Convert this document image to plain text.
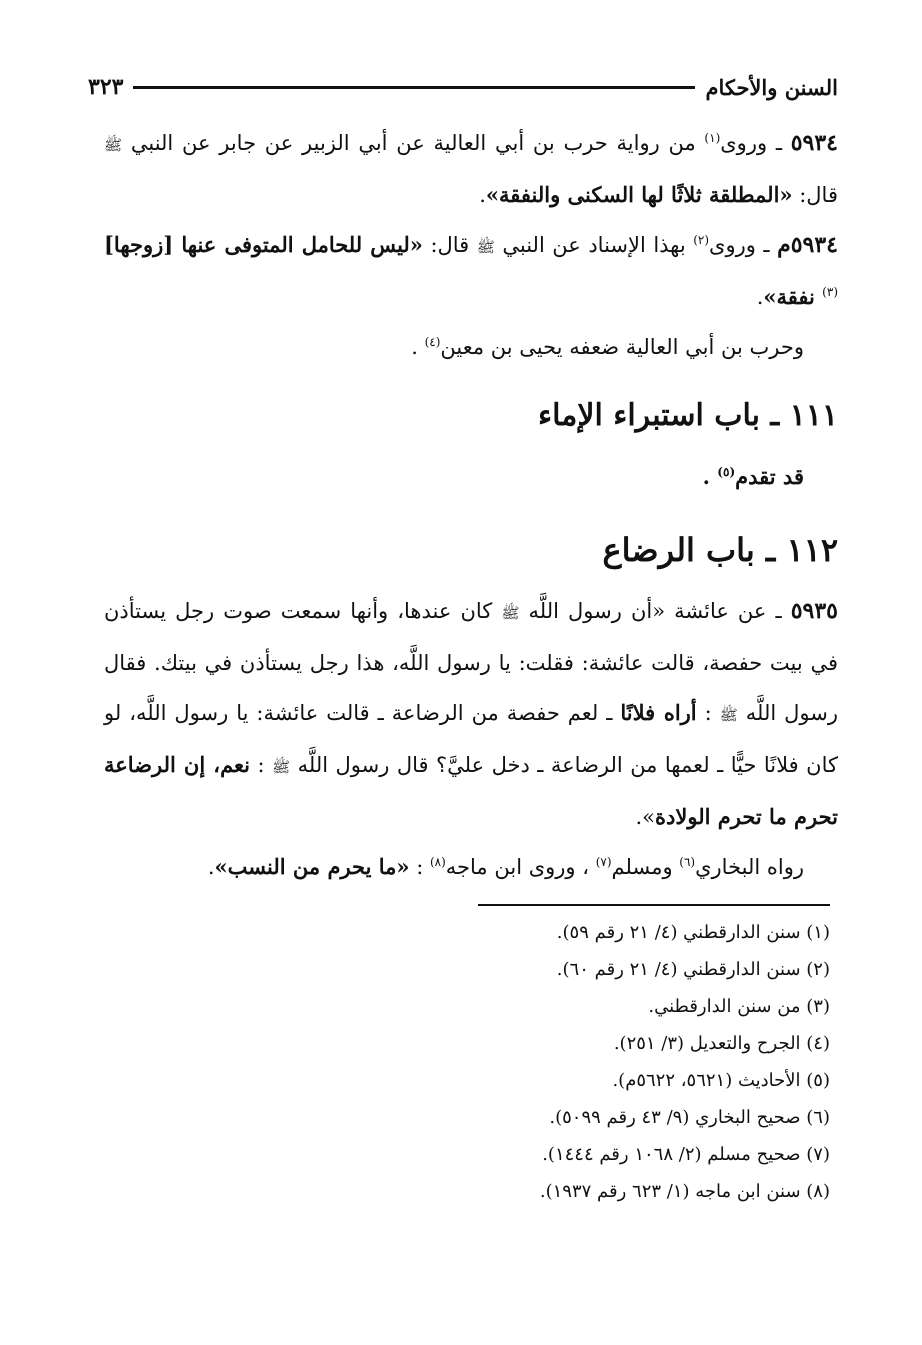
السنن والأحكام
٣٢٣

٥٩٣٤ ـ وروى$^{(١)}$ من رواية حرب بن أبي العالية عن أبي الزبير عن جابر عن النبي ﷺ قال: «المطلقة ثلاثًا لها السكنى والنفقة».

٥٩٣٤م ـ وروى$^{(٢)}$ بهذا الإسناد عن النبي ﷺ قال: «ليس للحامل المتوفى عنها [زوجها]$^{(٣)}$ نفقة».

وحرب بن أبي العالية ضعفه يحيى بن معين$^{(٤)}$ .

١١١ ـ باب استبراء الإماء

قد تقدم$^{(٥)}$ .

١١٢ ـ باب الرضاع

٥٩٣٥ ـ عن عائشة «أن رسول اللَّه ﷺ كان عندها، وأنها سمعت صوت رجل يستأذن في بيت حفصة، قالت عائشة: فقلت: يا رسول اللَّه، هذا رجل يستأذن في بيتك. فقال رسول اللَّه ﷺ : أراه فلانًا ـ لعم حفصة من الرضاعة ـ قالت عائشة: يا رسول اللَّه، لو كان فلانًا حيًّا ـ لعمها من الرضاعة ـ دخل عليَّ؟ قال رسول اللَّه ﷺ : نعم، إن الرضاعة تحرم ما تحرم الولادة».

رواه البخاري$^{(٦)}$ ومسلم$^{(٧)}$ ، وروى ابن ماجه$^{(٨)}$ : «ما يحرم من النسب».

(١) سنن الدارقطني (٤/ ٢١ رقم ٥٩).

(٢) سنن الدارقطني (٤/ ٢١ رقم ٦٠).

(٣) من سنن الدارقطني.

(٤) الجرح والتعديل (٣/ ٢٥١).

(٥) الأحاديث (٥٦٢١، ٥٦٢٢م).

(٦) صحيح البخاري (٩/ ٤٣ رقم ٥٠٩٩).

(٧) صحيح مسلم (٢/ ١٠٦٨ رقم ١٤٤٤).

(٨) سنن ابن ماجه (١/ ٦٢٣ رقم ١٩٣٧).
